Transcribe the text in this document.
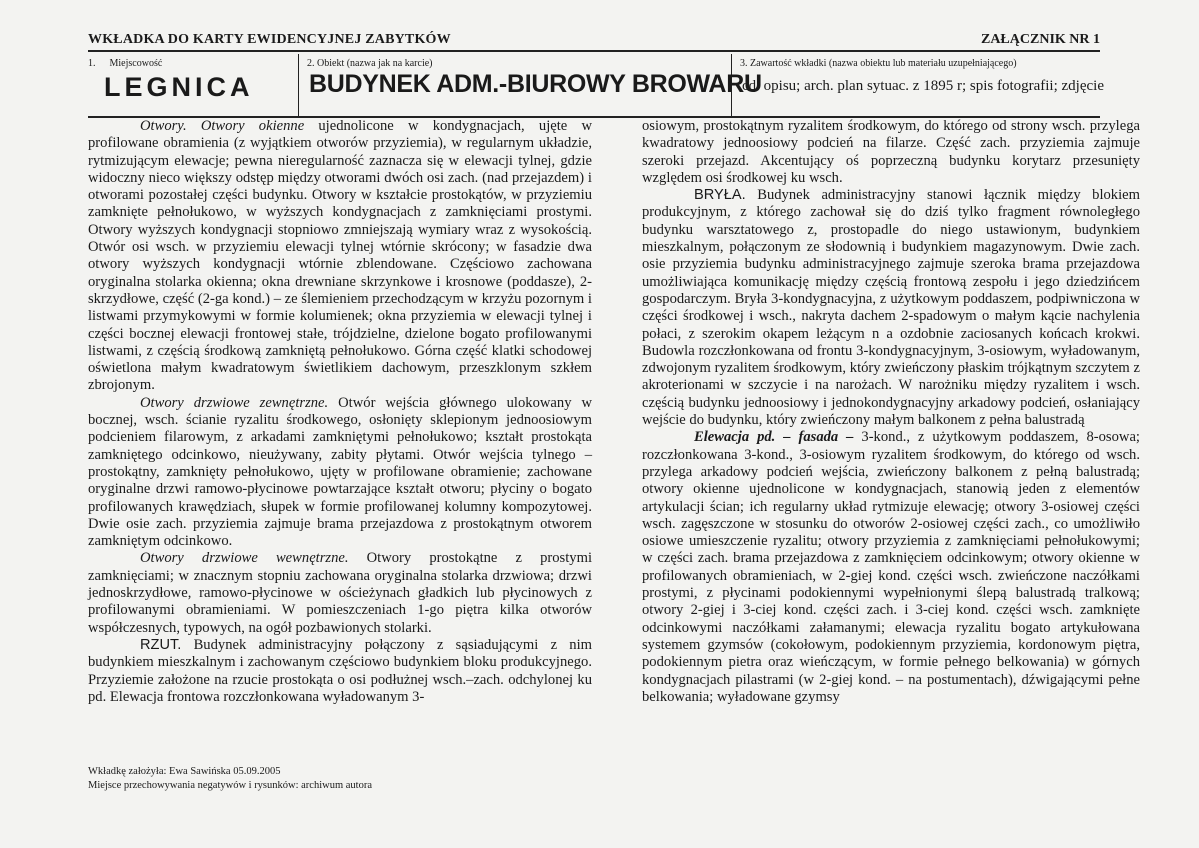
WKŁADKA DO KARTY EWIDENCYJNEJ ZABYTKÓW	ZAŁĄCZNIK NR 1
1. Miejscowość
LEGNICA
2. Obiekt (nazwa jak na karcie)
BUDYNEK ADM.-BIUROWY BROWARU
3. Zawartość wkładki (nazwa obiektu lub materiału uzupełniającego)
cd. opisu; arch. plan sytuac. z 1895 r; spis fotografii; zdjęcie

Otwory. Otwory okienne ujednolicone w kondygnacjach, ujęte w profilowane obramienia (z wyjątkiem otworów przyziemia), w regularnym układzie, rytmizującym elewacje; pewna nieregularność zaznacza się w elewacji tylnej, gdzie widoczny nieco większy odstęp między otworami dwóch osi zach. (nad przejazdem) i otworami pozostałej części budynku. Otwory w kształcie prostokątów, w przyziemiu zamknięte pełnołukowo, w wyższych kondygnacjach z zamknięciami prostymi. Otwory wyższych kondygnacji stopniowo zmniejszają wymiary wraz z wysokością. Otwór osi wsch. w przyziemiu elewacji tylnej wtórnie skrócony; w fasadzie dwa otwory wyższych kondygnacji wtórnie zblendowane. Częściowo zachowana oryginalna stolarka okienna; okna drewniane skrzynkowe i krosnowe (poddasze), 2-skrzydłowe, część (2-ga kond.) – ze ślemieniem przechodzącym w krzyżu pozornym i listwami przymykowymi w formie kolumienek; okna przyziemia w elewacji tylnej i części bocznej elewacji frontowej stałe, trójdzielne, dzielone bogato profilowanymi listwami, z częścią środkową zamkniętą pełnołukowo. Górna część klatki schodowej oświetlona małym kwadratowym świetlikiem dachowym, przeszklonym szkłem zbrojonym.

Otwory drzwiowe zewnętrzne. Otwór wejścia głównego ulokowany w bocznej, wsch. ścianie ryzalitu środkowego, osłonięty sklepionym jednoosiowym podcieniem filarowym, z arkadami zamkniętymi pełnołukowo; kształt prostokąta zamkniętego odcinkowo, nieużywany, zabity płytami. Otwór wejścia tylnego – prostokątny, zamknięty pełnołukowo, ujęty w profilowane obramienie; zachowane oryginalne drzwi ramowo-płycinowe powtarzające kształt otworu; płyciny o bogato profilowanych krawędziach, słupek w formie profilowanej kolumny kompozytowej. Dwie osie zach. przyziemia zajmuje brama przejazdowa z prostokątnym otworem zamkniętym odcinkowo.

Otwory drzwiowe wewnętrzne. Otwory prostokątne z prostymi zamknięciami; w znacznym stopniu zachowana oryginalna stolarka drzwiowa; drzwi jednoskrzydłowe, ramowo-płycinowe w ościeżynach gładkich lub płycinowych z profilowanymi obramieniami. W pomieszczeniach 1-go piętra kilka otworów współczesnych, typowych, na ogół pozbawionych stolarki.

RZUT. Budynek administracyjny połączony z sąsiadującymi z nim budynkiem mieszkalnym i zachowanym częściowo budynkiem bloku produkcyjnego. Przyziemie założone na rzucie prostokąta o osi podłużnej wsch.–zach. odchylonej ku pd. Elewacja frontowa rozczłonkowana wyładowanym 3-

osiowym, prostokątnym ryzalitem środkowym, do którego od strony wsch. przylega kwadratowy jednoosiowy podcień na filarze. Część zach. przyziemia zajmuje szeroki przejazd. Akcentujący oś poprzeczną budynku korytarz przesunięty względem osi środkowej ku wsch.

BRYŁA. Budynek administracyjny stanowi łącznik między blokiem produkcyjnym, z którego zachował się do dziś tylko fragment równoległego budynku warsztatowego z, prostopadle do niego ustawionym, budynkiem mieszkalnym, połączonym ze słodownią i budynkiem magazynowym. Dwie zach. osie przyziemia budynku administracyjnego zajmuje szeroka brama przejazdowa umożliwiająca komunikację między częścią frontową zespołu i jego dziedzińcem gospodarczym. Bryła 3-kondygnacyjna, z użytkowym poddaszem, podpiwniczona w części środkowej i wsch., nakryta dachem 2-spadowym o małym kącie nachylenia połaci, z szerokim okapem leżącym n a ozdobnie zaciosanych końcach krokwi. Budowla rozczłonkowana od frontu 3-kondygnacyjnym, 3-osiowym, wyładowanym, zdwojonym ryzalitem środkowym, który zwieńczony płaskim trójkątnym szczytem z akroterionami w szczycie i na narożach. W narożniku między ryzalitem i wsch. częścią budynku jednoosiowy i jednokondygnacyjny arkadowy podcień, osłaniający wejście do budynku, który zwieńczony małym balkonem z pełna balustradą

Elewacja pd. – fasada – 3-kond., z użytkowym poddaszem, 8-osowa; rozczłonkowana 3-kond., 3-osiowym ryzalitem środkowym, do którego od wsch. przylega arkadowy podcień wejścia, zwieńczony balkonem z pełną balustradą; otwory okienne ujednolicone w kondygnacjach, stanowią jeden z elementów artykulacji ścian; ich regularny układ rytmizuje elewację; otwory 3-osiowej części wsch. zagęszczone w stosunku do otworów 2-osiowej części zach., co umożliwiło osiowe umieszczenie ryzalitu; otwory przyziemia z zamknięciami pełnołukowymi; w części zach. brama przejazdowa z zamknięciem odcinkowym; otwory okienne w profilowanych obramieniach, w 2-giej kond. części wsch. zwieńczone naczółkami prostymi, z płycinami podokiennymi wypełnionymi ślepą balustradą tralkową; otwory 2-giej i 3-ciej kond. części zach. i 3-ciej kond. części wsch. zamknięte odcinkowymi naczółkami załamanymi; elewacja ryzalitu bogato artykułowana systemem gzymsów (cokołowym, podokiennym przyziemia, kordonowym piętra, podokiennym pietra oraz wieńczącym, w formie pełnego belkowania) w górnych kondygnacjach pilastrami (w 2-giej kond. – na postumentach), dźwigającymi pełne belkowania; wyładowane gzymsy

Wkładkę założyła: Ewa Sawińska 05.09.2005
Miejsce przechowywania negatywów i rysunków: archiwum autora
